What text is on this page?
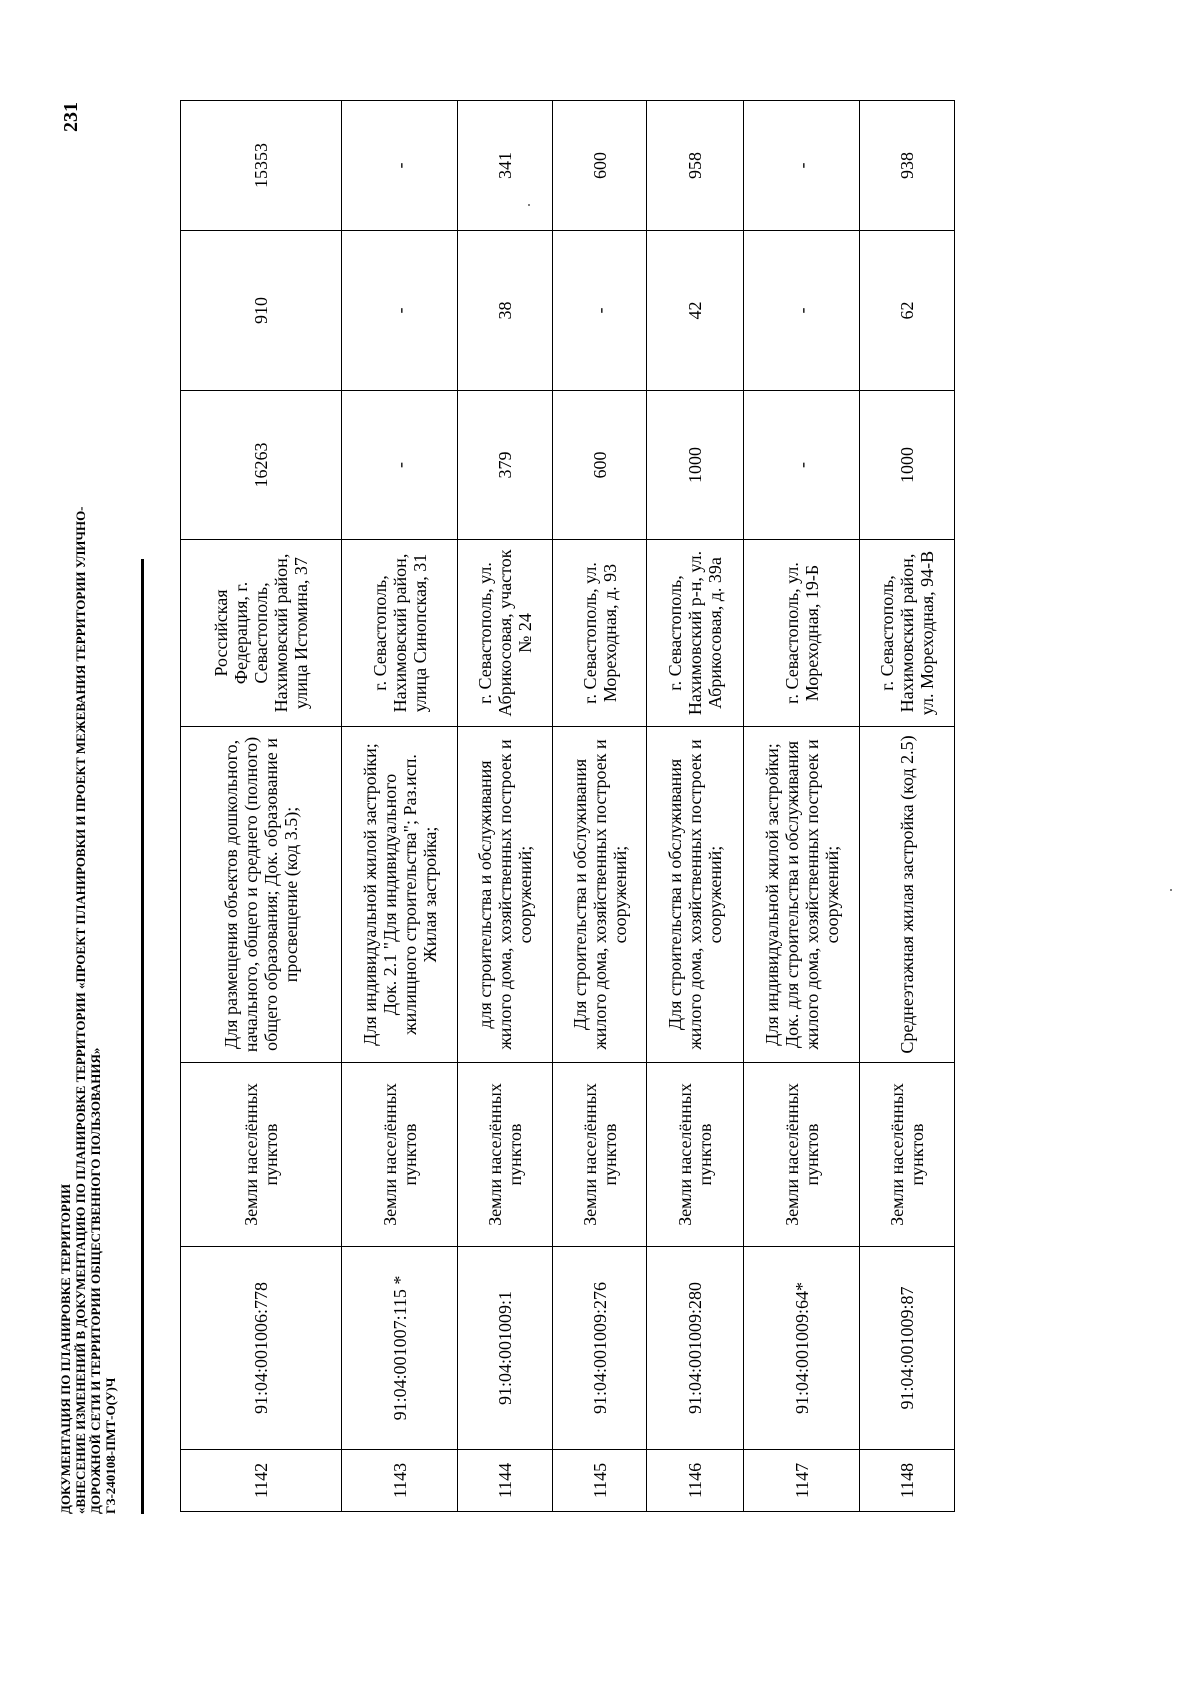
231
ДОКУМЕНТАЦИЯ ПО ПЛАНИРОВКЕ ТЕРРИТОРИИ «ВНЕСЕНИЕ ИЗМЕНЕНИЙ В ДОКУМЕНТАЦИЮ ПО ПЛАНИРОВКЕ ТЕРРИТОРИИ «ПРОЕКТ ПЛАНИРОВКИ И ПРОЕКТ МЕЖЕВАНИЯ ТЕРРИТОРИИ УЛИЧНО- ДОРОЖНОЙ СЕТИ И ТЕРРИТОРИИ ОБЩЕСТВЕННОГО ПОЛЬЗОВАНИЯ» ГЗ-240108-ПМТ-О(У)Ч	1142	91:04:001006:778	Земли населённых пунктов	Для размещения объектов дошкольного, начального, общего и среднего (полного) общего образования; Док. образование и просвещение (код 3.5);	Российская Федерация, г. Севастополь, Нахимовский район, улица Истомина, 37	16263	910	15353
1143	91:04:001007:115 *	Земли населённых пунктов	Для индивидуальной жилой застройки; Док. 2.1 "Для индивидуального жилищного строительства"; Раз.исп. Жилая застройка;	г. Севастополь, Нахимовский район, улица Синопская, 31	-	-	-
1144	91:04:001009:1	Земли населённых пунктов	для строительства и обслуживания жилого дома, хозяйственных построек и сооружений;	г. Севастополь, ул. Абрикосовая, участок № 24	379	38	341
1145	91:04:001009:276	Земли населённых пунктов	Для строительства и обслуживания жилого дома, хозяйственных построек и сооружений;	г. Севастополь, ул. Мореходная, д. 93	600	-	600
1146	91:04:001009:280	Земли населённых пунктов	Для строительства и обслуживания жилого дома, хозяйственных построек и сооружений;	г. Севастополь, Нахимовский р-н, ул. Абрикосовая, д. 39а	1000	42	958
1147	91:04:001009:64*	Земли населённых пунктов	Для индивидуальной жилой застройки; Док. для строительства и обслуживания жилого дома, хозяйственных построек и сооружений;	г. Севастополь, ул. Мореходная, 19-Б	-	-	-
1148	91:04:001009:87	Земли населённых пунктов	Среднеэтажная жилая застройка (код 2.5)	г. Севастополь, Нахимовский район, ул. Мореходная, 94-В	1000	62	938
